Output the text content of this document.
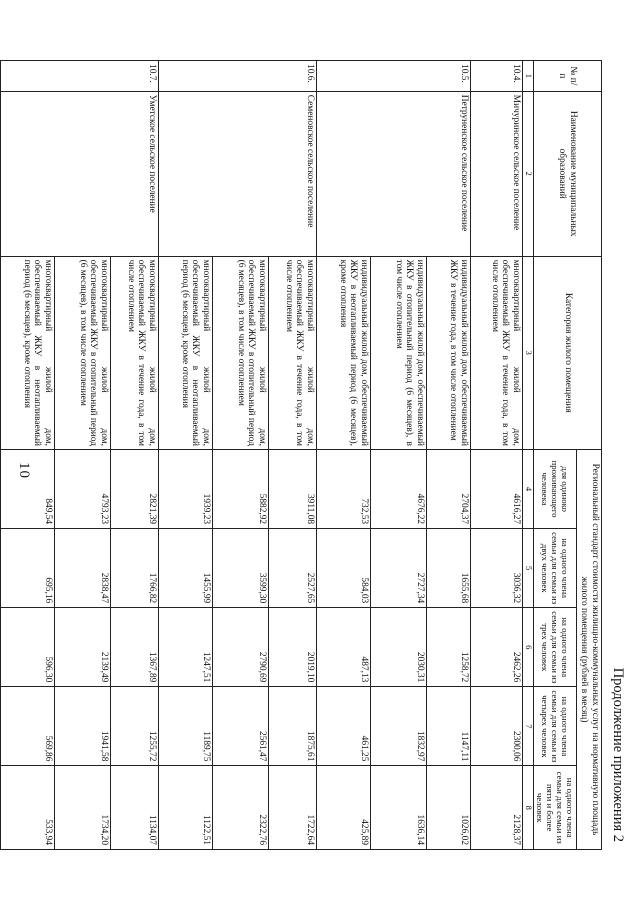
10
Продолжение приложения 2
№ п/п	Наименование муниципальных образований	Категория жилого помещения	Региональный стандарт стоимости жилищно-коммунальных услуг на нормативную площадь жилого помещения (рублей в месяц)				
			для одиноко проживающего человека	на одного члена семьи для семьи из двух человек	на одного члена семьи для семьи из трех человек	на одного члена семьи для семьи из четырех человек	на одного члена семьи для семьи из пяти и более человек
1	2	3	4	5	6	7	8
10.4.	Мичуринское сельское поселение	многоквартирный жилой дом, обеспечиваемый ЖКУ в течение года, в том числе отоплением	4616,27	3036,32	2462,26	2300,06	2128,37
10.5.	Петруненское сельское поселение	индивидуальный жилой дом, обеспечиваемый ЖКУ в течение года, в том числе отоплением	2704,37	1655,68	1258,72	1147,11	1026,02
		индивидуальный жилой дом, обеспечиваемый ЖКУ в отопительный период (6 месяцев), в том числе отоплением	4676,22	2727,34	2030,31	1832,97	1636,14
		индивидуальный жилой дом, обеспечиваемый ЖКУ в неотапливаемый период (6 месяцев), кроме отопления	732,53	584,03	487,13	461,25	425,89
10.6.	Семеновское сельское поселение	многоквартирный жилой дом, обеспечиваемый ЖКУ в течение года, в том числе отоплением	3911,08	2527,65	2019,10	1875,61	1722,64
		многоквартирный жилой дом, обеспечиваемый ЖКУ в отопительный период (6 месяцев), в том числе отоплением	5882,92	3599,30	2790,69	2561,47	2322,76
		многоквартирный жилой дом, обеспечиваемый ЖКУ в неотапливаемый период (6 месяцев), кроме отопления	1939,23	1455,99	1247,51	1189,75	1122,51
10.7.	Уметское сельское поселение	многоквартирный жилой дом, обеспечиваемый ЖКУ в течение года, в том числе отоплением	2821,39	1766,82	1367,89	1255,72	1134,07
		многоквартирный жилой дом, обеспечиваемый ЖКУ в отопительный период (6 месяцев), в том числе отоплением	4793,23	2838,47	2139,49	1941,58	1734,20
		многоквартирный жилой дом, обеспечиваемый ЖКУ в неотапливаемый период (6 месяцев), кроме отопления	849,54	695,16	596,30	569,86	533,94
